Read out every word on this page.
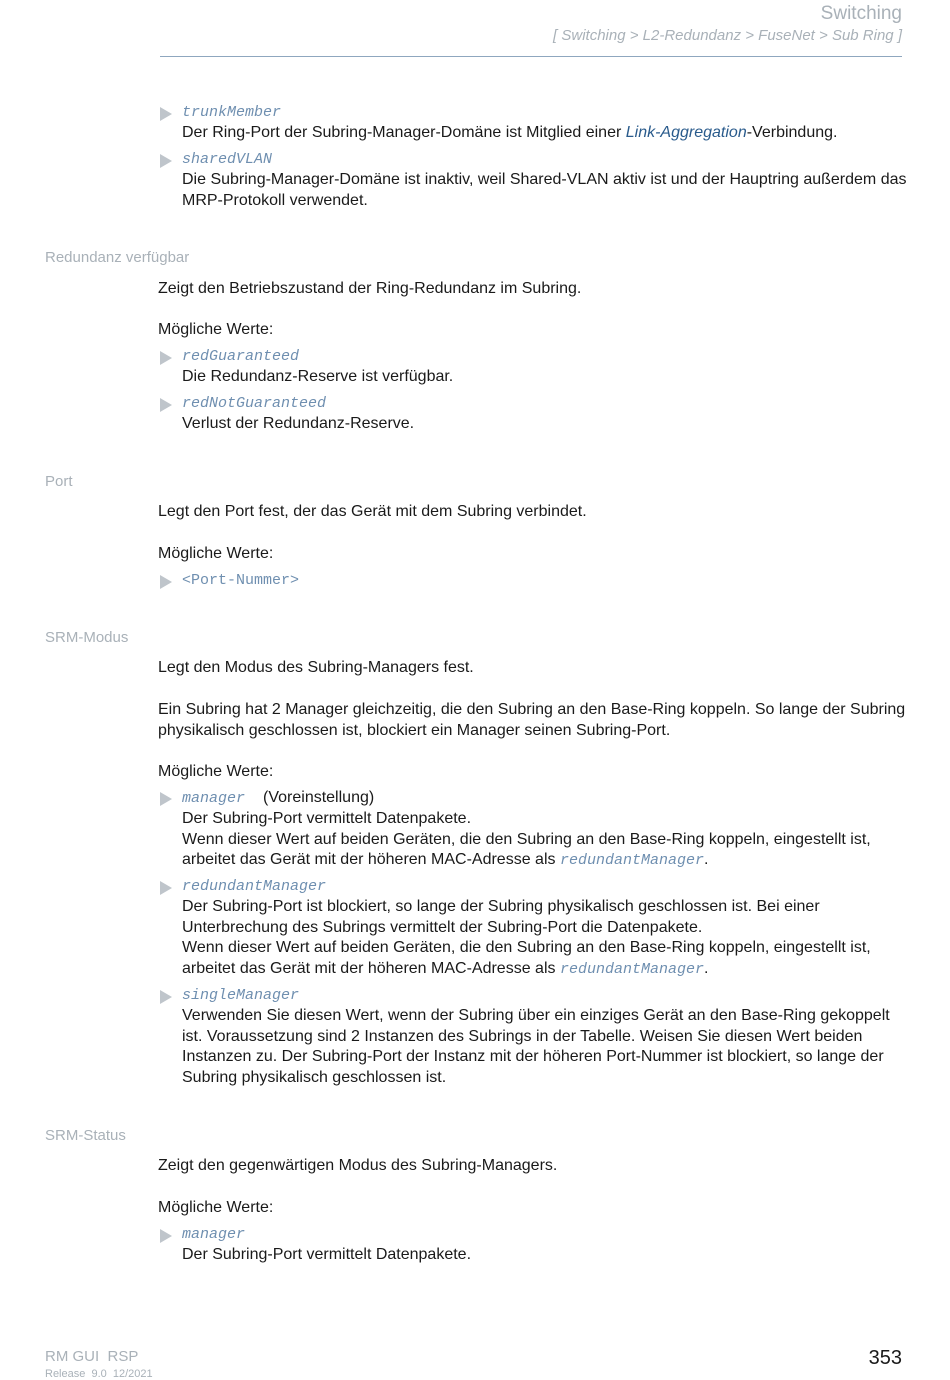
Switching
[ Switching > L2-Redundanz > FuseNet > Sub Ring ]
trunkMember
Der Ring-Port der Subring-Manager-Domäne ist Mitglied einer Link-Aggregation-Verbindung.
sharedVLAN
Die Subring-Manager-Domäne ist inaktiv, weil Shared-VLAN aktiv ist und der Hauptring außerdem das MRP-Protokoll verwendet.
Redundanz verfügbar
Zeigt den Betriebszustand der Ring-Redundanz im Subring.
Mögliche Werte:
redGuaranteed
Die Redundanz-Reserve ist verfügbar.
redNotGuaranteed
Verlust der Redundanz-Reserve.
Port
Legt den Port fest, der das Gerät mit dem Subring verbindet.
Mögliche Werte:
<Port-Nummer>
SRM-Modus
Legt den Modus des Subring-Managers fest.
Ein Subring hat 2 Manager gleichzeitig, die den Subring an den Base-Ring koppeln. So lange der Subring physikalisch geschlossen ist, blockiert ein Manager seinen Subring-Port.
Mögliche Werte:
manager (Voreinstellung)
Der Subring-Port vermittelt Datenpakete.
Wenn dieser Wert auf beiden Geräten, die den Subring an den Base-Ring koppeln, eingestellt ist, arbeitet das Gerät mit der höheren MAC-Adresse als redundantManager.
redundantManager
Der Subring-Port ist blockiert, so lange der Subring physikalisch geschlossen ist. Bei einer Unterbrechung des Subrings vermittelt der Subring-Port die Datenpakete.
Wenn dieser Wert auf beiden Geräten, die den Subring an den Base-Ring koppeln, eingestellt ist, arbeitet das Gerät mit der höheren MAC-Adresse als redundantManager.
singleManager
Verwenden Sie diesen Wert, wenn der Subring über ein einziges Gerät an den Base-Ring gekoppelt ist. Voraussetzung sind 2 Instanzen des Subrings in der Tabelle. Weisen Sie diesen Wert beiden Instanzen zu. Der Subring-Port der Instanz mit der höheren Port-Nummer ist blockiert, so lange der Subring physikalisch geschlossen ist.
SRM-Status
Zeigt den gegenwärtigen Modus des Subring-Managers.
Mögliche Werte:
manager
Der Subring-Port vermittelt Datenpakete.
RM GUI  RSP
Release  9.0  12/2021
353
